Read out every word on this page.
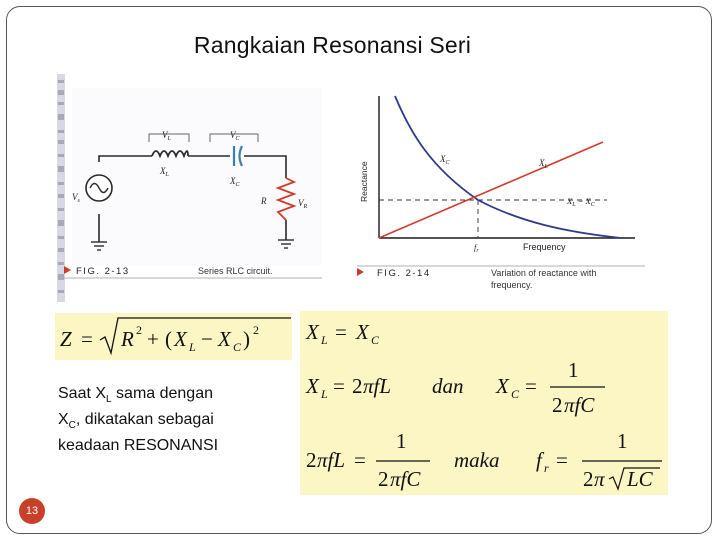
Rangkaian Resonansi Seri
$V_L$	$V_C$
$X_L$
$X_C$
R	$V_R$
$V_s$
FIG. 2-13	Series RLC circuit.
Reactance
Frequency
$X_C$	$X_L$
$X_L = X_C$
$f_r$
FIG. 2-14	Variation of reactance with
frequency.
Z = R 2 + ( X L − X C ) 2 X L = X C
X L = 2 πfL dan X C =
1
2 πfC
2 πfL =
1
2 πfC
maka f r =
1
2 π LC
Saat $X_L$ sama dengan
$X_C$, dikatakan sebagai
keadaan RESONANSI
13
